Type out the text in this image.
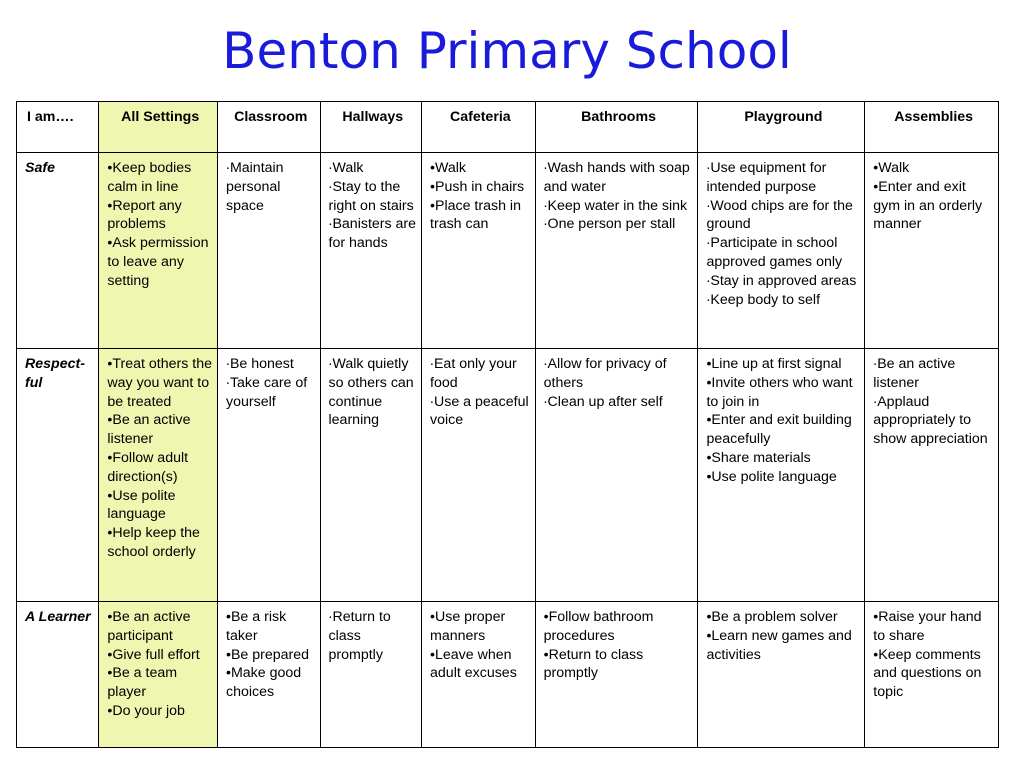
Benton Primary School
I am….	All Settings	Classroom	Hallways	Cafeteria	Bathrooms	Playground	Assemblies
Safe	•Keep bodies calm in line
•Report any problems
•Ask permission to leave any setting	∙Maintain personal space	∙Walk
∙Stay to the right on stairs
∙Banisters are for hands	•Walk
•Push in chairs
•Place trash in trash can	∙Wash hands with soap and water
∙Keep water in the sink
∙One person per stall	∙Use equipment for intended purpose
∙Wood chips are for the ground
∙Participate in school approved games only
∙Stay in approved areas
∙Keep body to self	•Walk
•Enter and exit gym in an orderly manner

Respect-ful	•Treat others the way you want to be treated
•Be an active listener
•Follow adult direction(s)
•Use polite language
•Help keep the school orderly	∙Be honest
∙Take care of yourself	∙Walk quietly so others can continue learning	∙Eat only your food
∙Use a peaceful voice	∙Allow for privacy of others
∙Clean up after self	•Line up at first signal
•Invite others who want to join in
•Enter and exit building peacefully
•Share materials
•Use polite language	∙Be an active listener
∙Applaud appropriately to show appreciation

A Learner	•Be an active participant
•Give full effort
•Be a team player
•Do your job	•Be a risk taker
•Be prepared
•Make good choices	∙Return to class promptly	•Use proper manners
•Leave when adult excuses	•Follow bathroom procedures
•Return to class promptly	•Be a problem solver
•Learn new games and activities	•Raise your hand to share
•Keep comments and questions on topic
